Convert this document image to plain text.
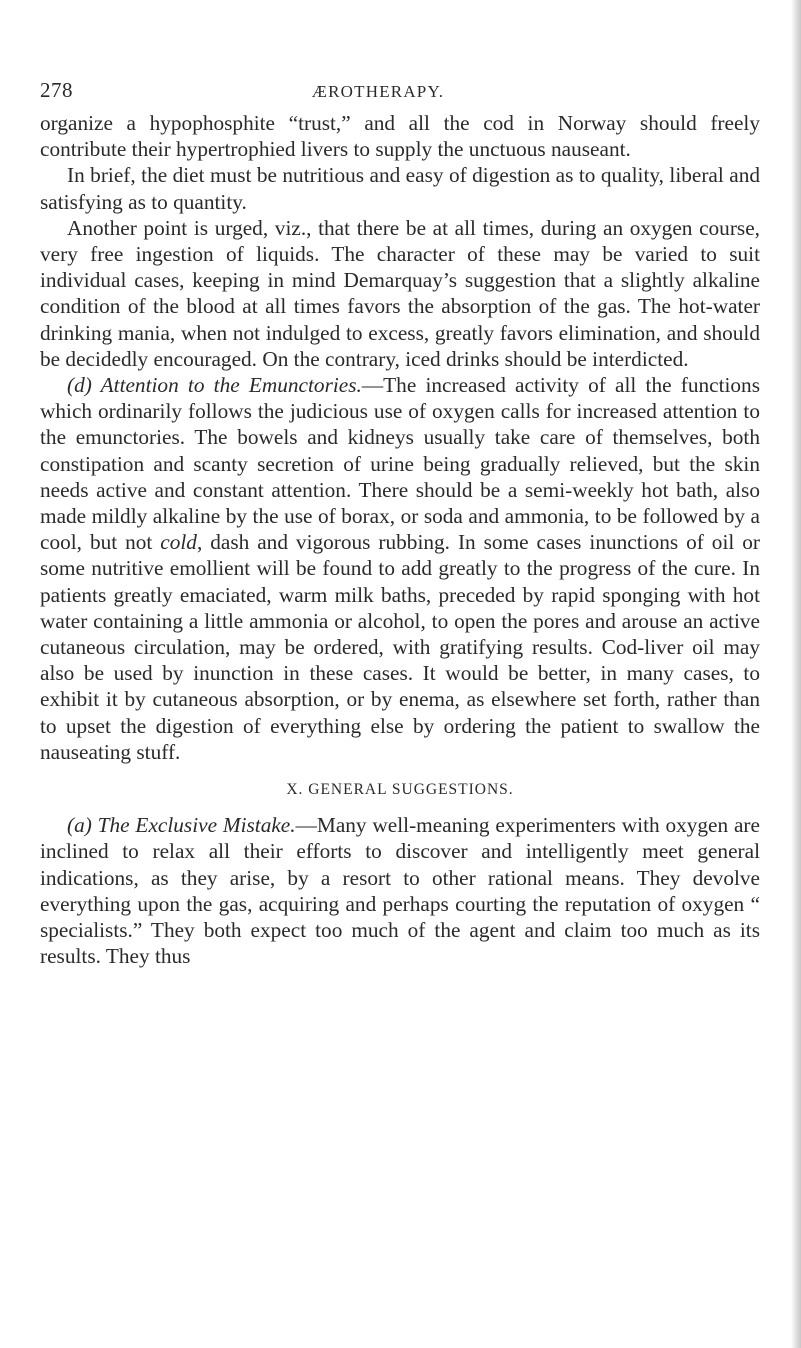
278	ÆROTHERAPY.

organize a hypophosphite “trust,” and all the cod in Norway should freely contribute their hypertrophied livers to supply the unctuous nauseant.

In brief, the diet must be nutritious and easy of digestion as to quality, liberal and satisfying as to quantity.

Another point is urged, viz., that there be at all times, during an oxygen course, very free ingestion of liquids. The character of these may be varied to suit individual cases, keeping in mind Demarquay’s suggestion that a slightly alkaline condition of the blood at all times favors the absorption of the gas. The hot-water drinking mania, when not indulged to excess, greatly favors elimination, and should be decidedly encouraged. On the contrary, iced drinks should be interdicted.

(d) Attention to the Emunctories.—The increased activity of all the functions which ordinarily follows the judicious use of oxygen calls for increased attention to the emunctories. The bowels and kidneys usually take care of themselves, both constipation and scanty secretion of urine being gradually relieved, but the skin needs active and constant attention. There should be a semi-weekly hot bath, also made mildly alkaline by the use of borax, or soda and ammonia, to be followed by a cool, but not cold, dash and vigorous rubbing. In some cases inunctions of oil or some nutritive emollient will be found to add greatly to the progress of the cure. In patients greatly emaciated, warm milk baths, preceded by rapid sponging with hot water containing a little ammonia or alcohol, to open the pores and arouse an active cutaneous circulation, may be ordered, with gratifying results. Cod-liver oil may also be used by inunction in these cases. It would be better, in many cases, to exhibit it by cutaneous absorption, or by enema, as elsewhere set forth, rather than to upset the digestion of everything else by ordering the patient to swallow the nauseating stuff.

X. GENERAL SUGGESTIONS.

(a) The Exclusive Mistake.—Many well-meaning experimenters with oxygen are inclined to relax all their efforts to discover and intelligently meet general indications, as they arise, by a resort to other rational means. They devolve everything upon the gas, acquiring and perhaps courting the reputation of oxygen “ specialists.” They both expect too much of the agent and claim too much as its results. They thus
